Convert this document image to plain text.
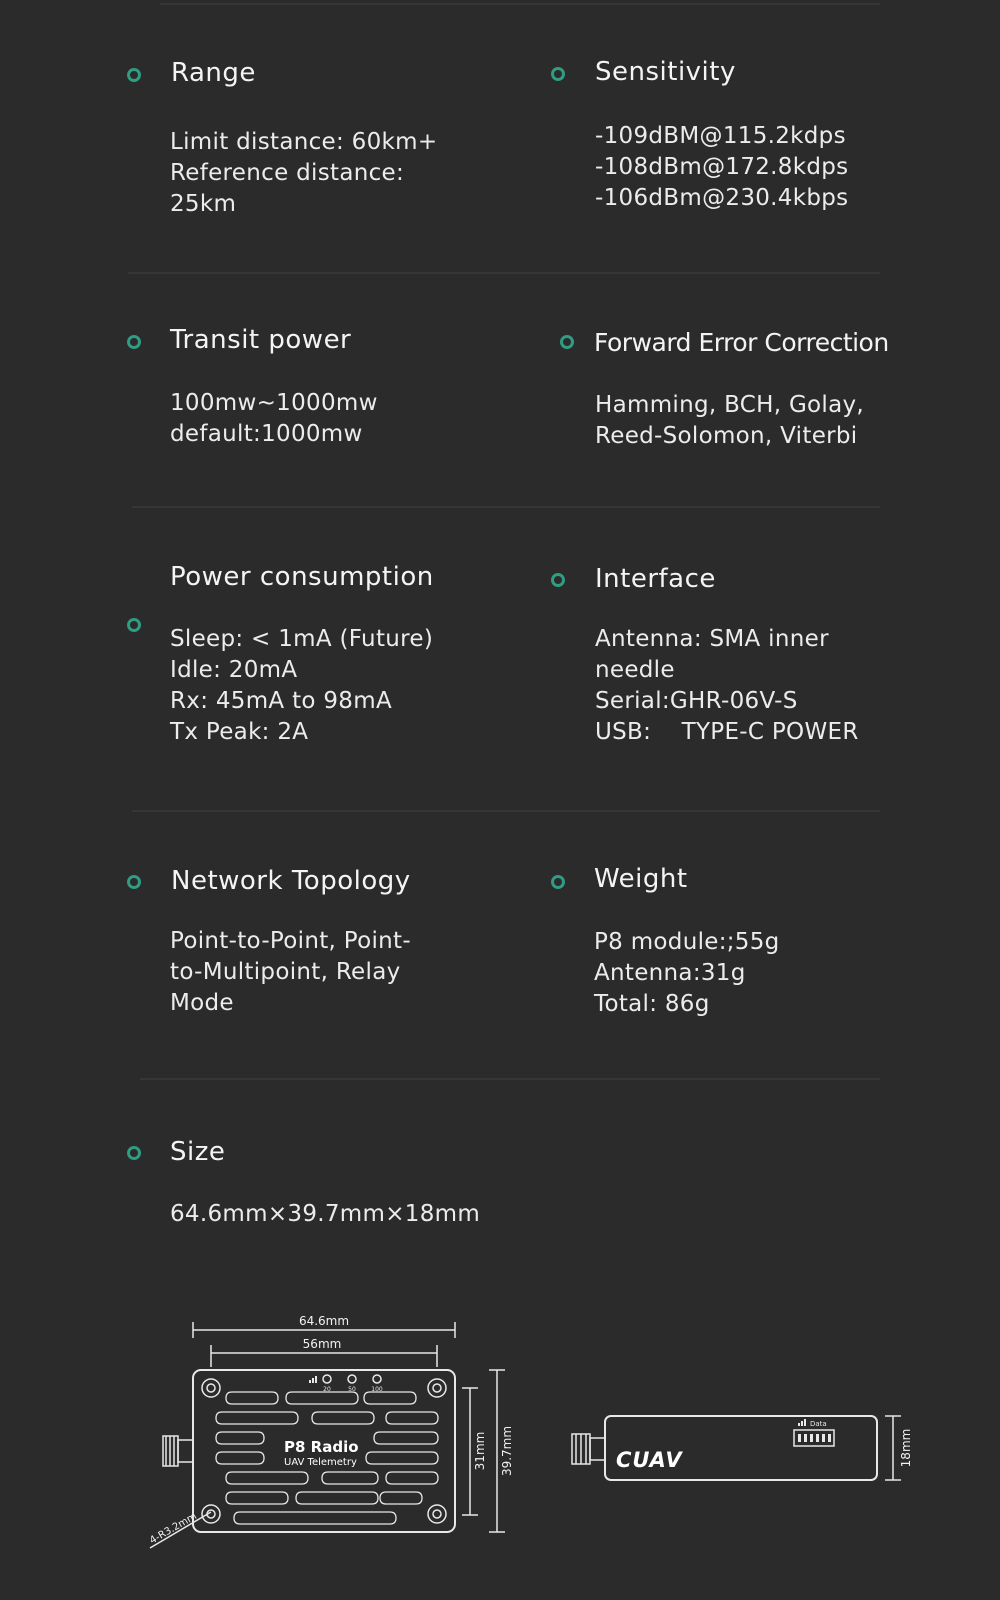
Range
Limit distance: 60km+
Reference distance:
25km
Sensitivity
-109dBM@115.2kdps
-108dBm@172.8kdps
-106dBm@230.4kbps
Transit power
100mw~1000mw
default:1000mw
Forward Error Correction
Hamming, BCH, Golay,
Reed-Solomon, Viterbi
Power consumption
Sleep: < 1mA (Future)
Idle: 20mA
Rx: 45mA to 98mA
Tx Peak: 2A
Interface
Antenna: SMA inner
needle
Serial:GHR-06V-S
USB:    TYPE-C POWER
Network Topology
Point-to-Point, Point-
to-Multipoint, Relay
Mode
Weight
P8 module:;55g
Antenna:31g
Total: 86g
Size
64.6mm×39.7mm×18mm
64.6mm
56mm
31mm 39.7mm	18mm
4-R3.2mm
20	50	100
P8 Radio
UAV Telemetry	CUAV
Data
